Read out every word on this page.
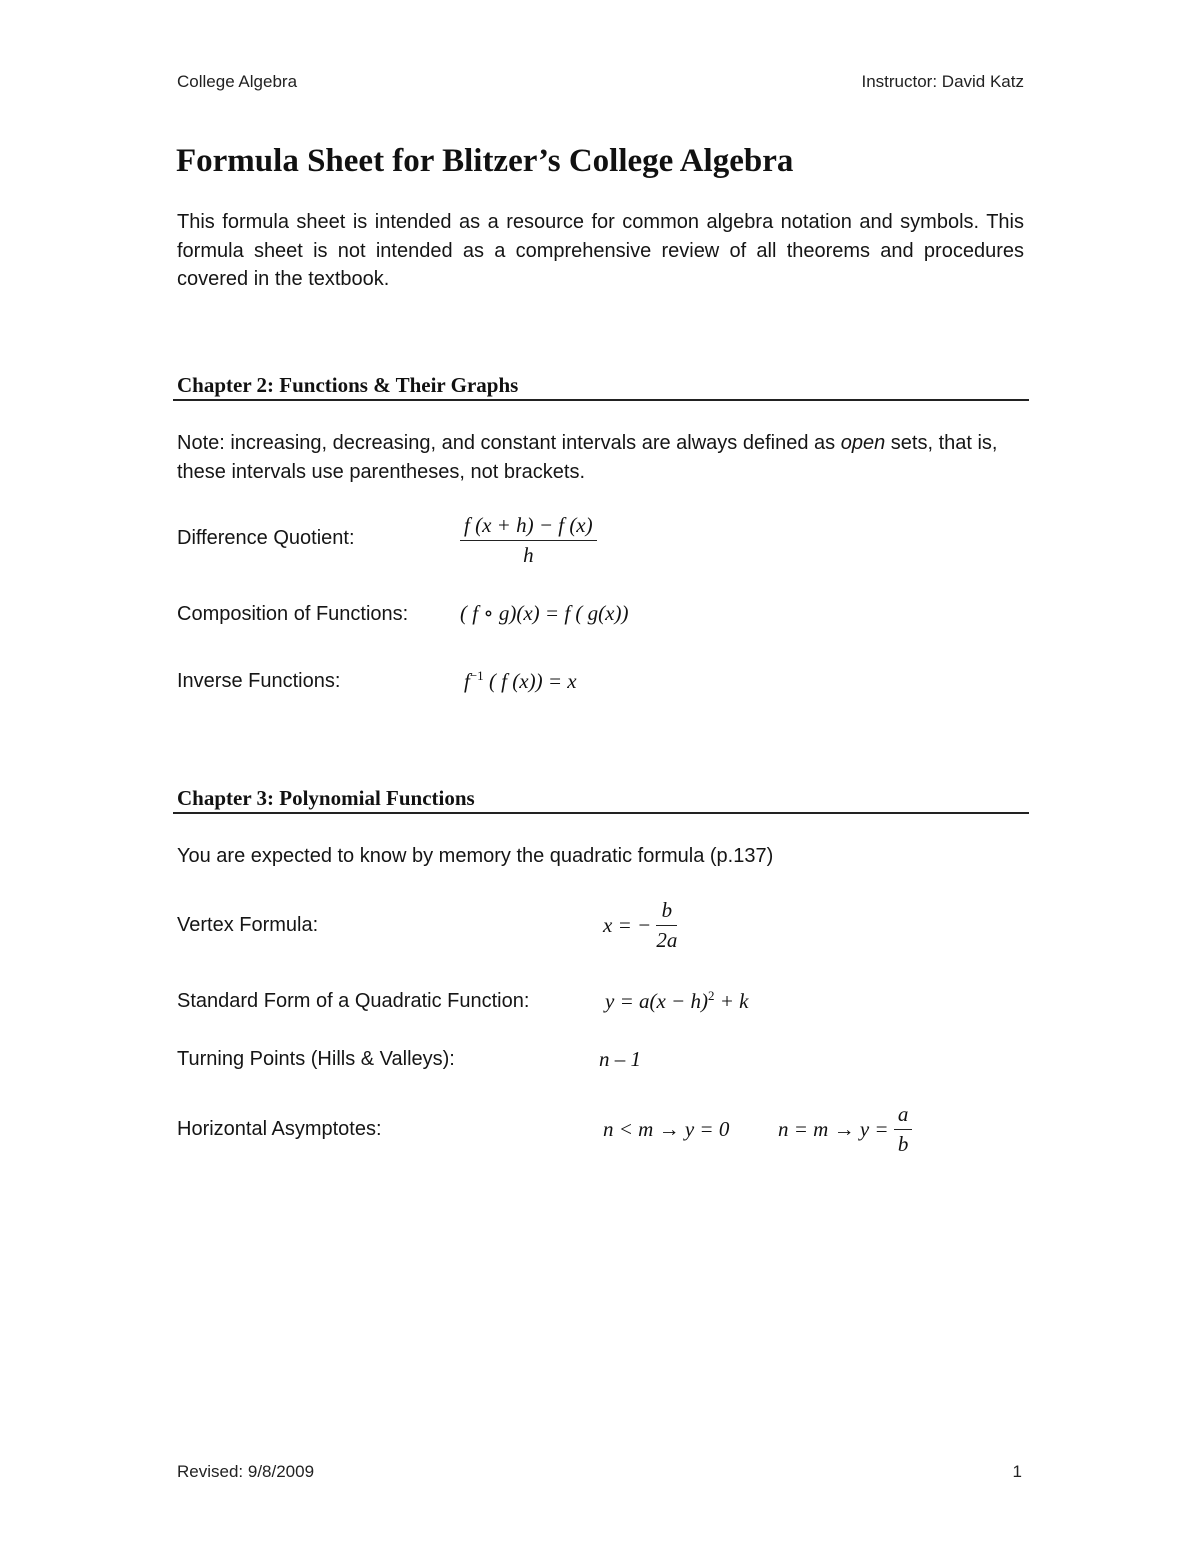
College Algebra	Instructor: David Katz
Formula Sheet for Blitzer’s College Algebra
This formula sheet is intended as a resource for common algebra notation and symbols. This formula sheet is not intended as a comprehensive review of all theorems and procedures covered in the textbook.
Chapter 2: Functions & Their Graphs
Note: increasing, decreasing, and constant intervals are always defined as open sets, that is, these intervals use parentheses, not brackets.
Difference Quotient:	$\frac{f (x + h) - f (x)}{h}$
Composition of Functions: ( f ∘ g)(x) = f ( g(x))
Inverse Functions:	$f^{-1}$ ( f (x)) = x
Chapter 3: Polynomial Functions
You are expected to know by memory the quadratic formula (p.137)
Vertex Formula:	x = − $\frac{b}{2a}$
Standard Form of a Quadratic Function:	$y = a(x - h)^2 + k$
Turning Points (Hills & Valleys):	n – 1
Horizontal Asymptotes:	n < m → y = 0 $n = m \to y = \frac{a}{b}$
Revised: 9/8/2009	1
